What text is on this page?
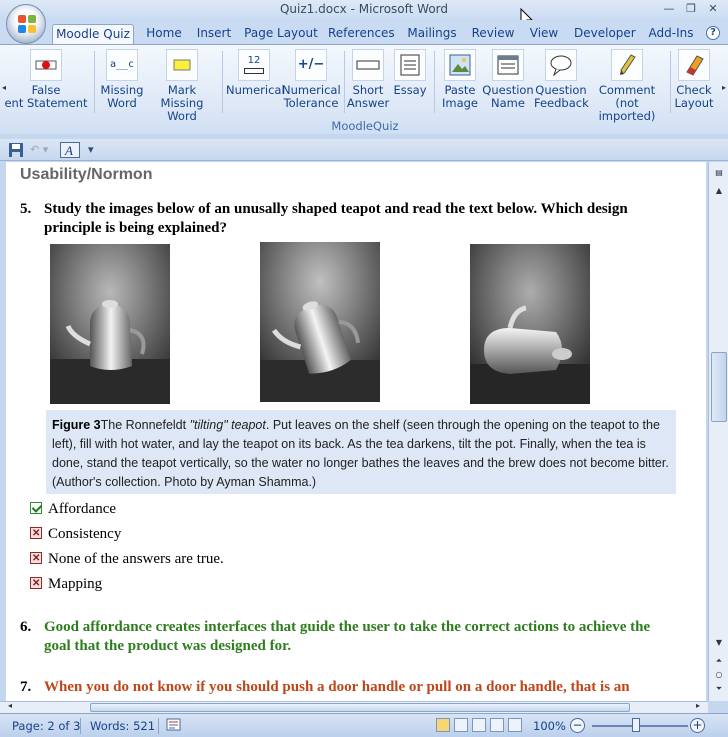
Quiz1.docx - Microsoft Word	—	❐	✕
Moodle Quiz	Home Insert Page Layout References Mailings Review	View	Developer	Add-Ins	?
◂	▸
False
ent Statement
a__c
Missing
Word
Mark Missing
Word
12
Numerical
+/−
Numerical
Tolerance
Short
Answer
Essay	Paste
Image
Question
Name
Question
Feedback
Comment (not
imported)
Check
Layout
MoodleQuiz
↶ ▾ A ▾
Usability/Normon
5. Study the images below of an unusally shaped teapot and read the text below. Which design
principle is being explained?
Figure 3The Ronnefeldt "tilting" teapot. Put leaves on the shelf (seen through the opening on the teapot to the left), fill with hot water, and lay the teapot on its back. As the tea darkens, tilt the pot. Finally, when the tea is done, stand the teapot vertically, so the water no longer bathes the leaves and the brew does not become bitter. (Author's collection. Photo by Ayman Shamma.)
Affordance
✕Consistency
✕None of the answers are true.
✕Mapping
6. Good affordance creates interfaces that guide the user to take the correct actions to achieve the
goal that the product was designed for.
7. When you do not know if you should push a door handle or pull on a door handle, that is an
▤
▲
▼
⏶
○
⏷
◂	▸
Page: 2 of 3 Words: 521	100% −	+
